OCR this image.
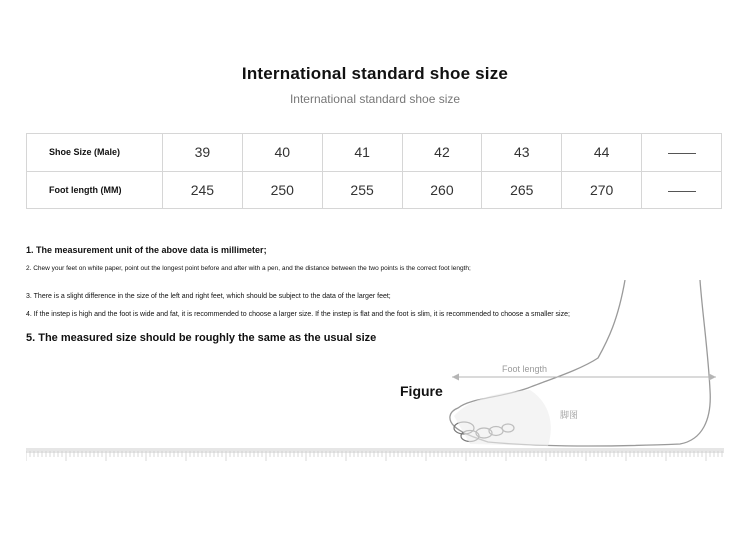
International standard shoe size
International standard shoe size
Shoe Size (Male)	39	40	41	42	43	44	
Foot length (MM)	245	250	255	260	265	270	
1. The measurement unit of the above data is millimeter;
2. Chew your feet on white paper, point out the longest point before and after with a pen, and the distance between the two points is the correct foot length;
3. There is a slight difference in the size of the left and right feet, which should be subject to the data of the larger feet;
4. If the instep is high and the foot is wide and fat, it is recommended to choose a larger size. If the instep is flat and the foot is slim, it is recommended to choose a smaller size;
5. The measured size should be roughly the same as the usual size
Foot length
脚图
Figure
